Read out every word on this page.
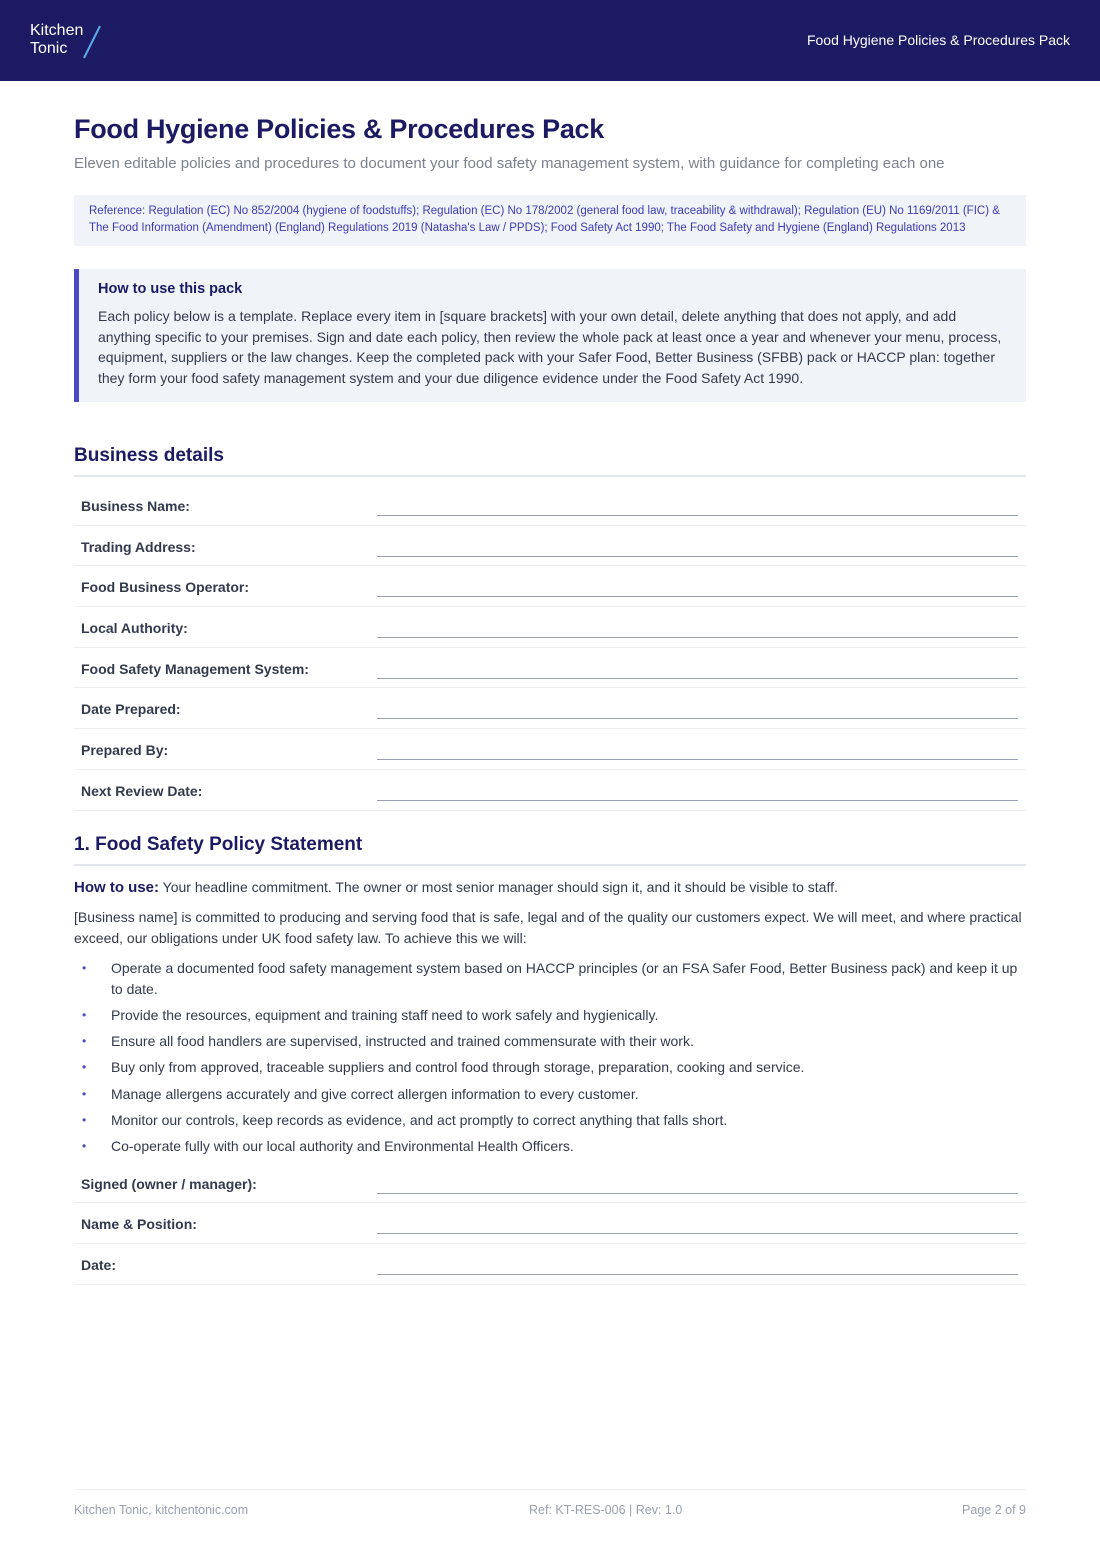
Kitchen
Tonic	Food Hygiene Policies & Procedures Pack
Food Hygiene Policies & Procedures Pack

Eleven editable policies and procedures to document your food safety management system, with guidance for completing each one

Reference: Regulation (EC) No 852/2004 (hygiene of foodstuffs); Regulation (EC) No 178/2002 (general food law, traceability & withdrawal); Regulation (EU) No 1169/2011 (FIC) & The Food Information (Amendment) (England) Regulations 2019 (Natasha's Law / PPDS); Food Safety Act 1990; The Food Safety and Hygiene (England) Regulations 2013
How to use this pack

Each policy below is a template. Replace every item in [square brackets] with your own detail, delete anything that does not apply, and add anything specific to your premises. Sign and date each policy, then review the whole pack at least once a year and whenever your menu, process, equipment, suppliers or the law changes. Keep the completed pack with your Safer Food, Better Business (SFBB) pack or HACCP plan: together they form your food safety management system and your due diligence evidence under the Food Safety Act 1990.

Business details
Business Name:
Trading Address:
Food Business Operator:
Local Authority:
Food Safety Management System:
Date Prepared:
Prepared By:
Next Review Date:
1. Food Safety Policy Statement

How to use: Your headline commitment. The owner or most senior manager should sign it, and it should be visible to staff.

[Business name] is committed to producing and serving food that is safe, legal and of the quality our customers expect. We will meet, and where practical exceed, our obligations under UK food safety law. To achieve this we will:

• Operate a documented food safety management system based on HACCP principles (or an FSA Safer Food, Better Business pack) and keep it up to date.
• Provide the resources, equipment and training staff need to work safely and hygienically.
• Ensure all food handlers are supervised, instructed and trained commensurate with their work.
• Buy only from approved, traceable suppliers and control food through storage, preparation, cooking and service.
• Manage allergens accurately and give correct allergen information to every customer.
• Monitor our controls, keep records as evidence, and act promptly to correct anything that falls short.
• Co-operate fully with our local authority and Environmental Health Officers.
Signed (owner / manager):
Name & Position:
Date:
Kitchen Tonic, kitchentonic.com	Ref: KT-RES-006 | Rev: 1.0	Page 2 of 9
